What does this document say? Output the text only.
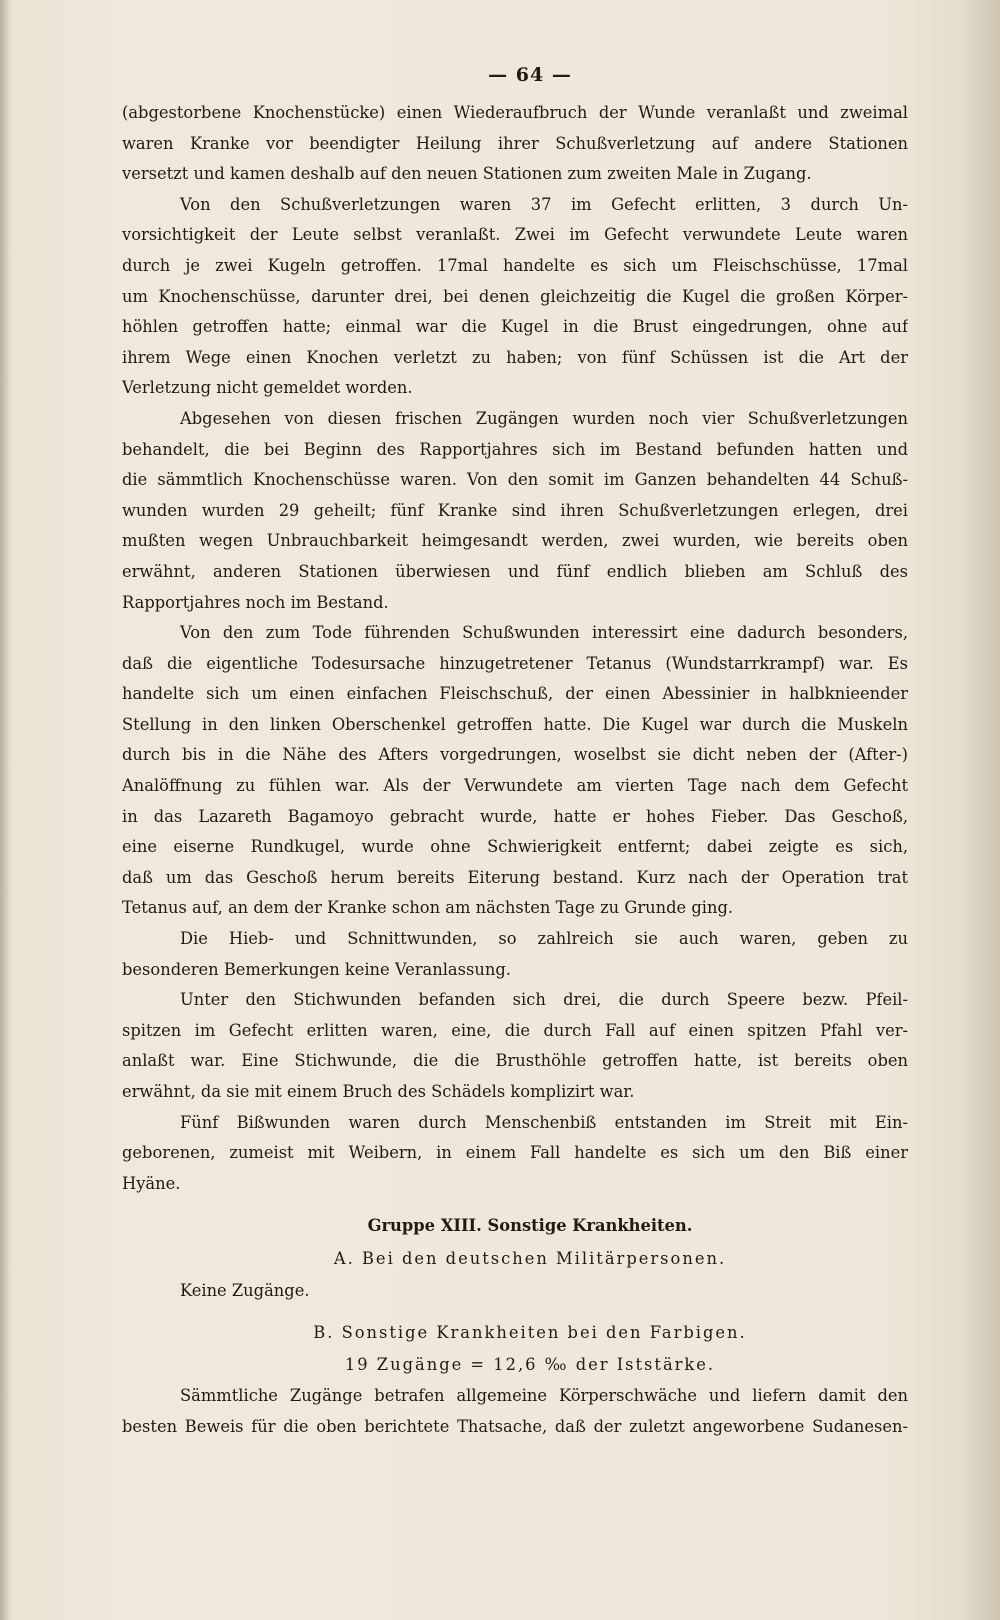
— 64 —
(abgestorbene Knochenstücke) einen Wiederaufbruch der Wunde veranlaßt und zweimal
waren Kranke vor beendigter Heilung ihrer Schußverletzung auf andere Stationen
versetzt und kamen deshalb auf den neuen Stationen zum zweiten Male in Zugang.
Von den Schußverletzungen waren 37 im Gefecht erlitten, 3 durch Un-
vorsichtigkeit der Leute selbst veranlaßt. Zwei im Gefecht verwundete Leute waren
durch je zwei Kugeln getroffen. 17mal handelte es sich um Fleischschüsse, 17mal
um Knochenschüsse, darunter drei, bei denen gleichzeitig die Kugel die großen Körper-
höhlen getroffen hatte; einmal war die Kugel in die Brust eingedrungen, ohne auf
ihrem Wege einen Knochen verletzt zu haben; von fünf Schüssen ist die Art der
Verletzung nicht gemeldet worden.
Abgesehen von diesen frischen Zugängen wurden noch vier Schußverletzungen
behandelt, die bei Beginn des Rapportjahres sich im Bestand befunden hatten und
die sämmtlich Knochenschüsse waren. Von den somit im Ganzen behandelten 44 Schuß-
wunden wurden 29 geheilt; fünf Kranke sind ihren Schußverletzungen erlegen, drei
mußten wegen Unbrauchbarkeit heimgesandt werden, zwei wurden, wie bereits oben
erwähnt, anderen Stationen überwiesen und fünf endlich blieben am Schluß des
Rapportjahres noch im Bestand.
Von den zum Tode führenden Schußwunden interessirt eine dadurch besonders,
daß die eigentliche Todesursache hinzugetretener Tetanus (Wundstarrkrampf) war. Es
handelte sich um einen einfachen Fleischschuß, der einen Abessinier in halbknieender
Stellung in den linken Oberschenkel getroffen hatte. Die Kugel war durch die Muskeln
durch bis in die Nähe des Afters vorgedrungen, woselbst sie dicht neben der (After-)
Analöffnung zu fühlen war. Als der Verwundete am vierten Tage nach dem Gefecht
in das Lazareth Bagamoyo gebracht wurde, hatte er hohes Fieber. Das Geschoß,
eine eiserne Rundkugel, wurde ohne Schwierigkeit entfernt; dabei zeigte es sich,
daß um das Geschoß herum bereits Eiterung bestand. Kurz nach der Operation trat
Tetanus auf, an dem der Kranke schon am nächsten Tage zu Grunde ging.
Die Hieb- und Schnittwunden, so zahlreich sie auch waren, geben zu
besonderen Bemerkungen keine Veranlassung.
Unter den Stichwunden befanden sich drei, die durch Speere bezw. Pfeil-
spitzen im Gefecht erlitten waren, eine, die durch Fall auf einen spitzen Pfahl ver-
anlaßt war. Eine Stichwunde, die die Brusthöhle getroffen hatte, ist bereits oben
erwähnt, da sie mit einem Bruch des Schädels komplizirt war.
Fünf Bißwunden waren durch Menschenbiß entstanden im Streit mit Ein-
geborenen, zumeist mit Weibern, in einem Fall handelte es sich um den Biß einer
Hyäne.
Gruppe XIII. Sonstige Krankheiten.
A. Bei den deutschen Militärpersonen.
Keine Zugänge.
B. Sonstige Krankheiten bei den Farbigen.
19 Zugänge = 12,6 ‰ der Iststärke.
Sämmtliche Zugänge betrafen allgemeine Körperschwäche und liefern damit den
besten Beweis für die oben berichtete Thatsache, daß der zuletzt angeworbene Sudanesen-
